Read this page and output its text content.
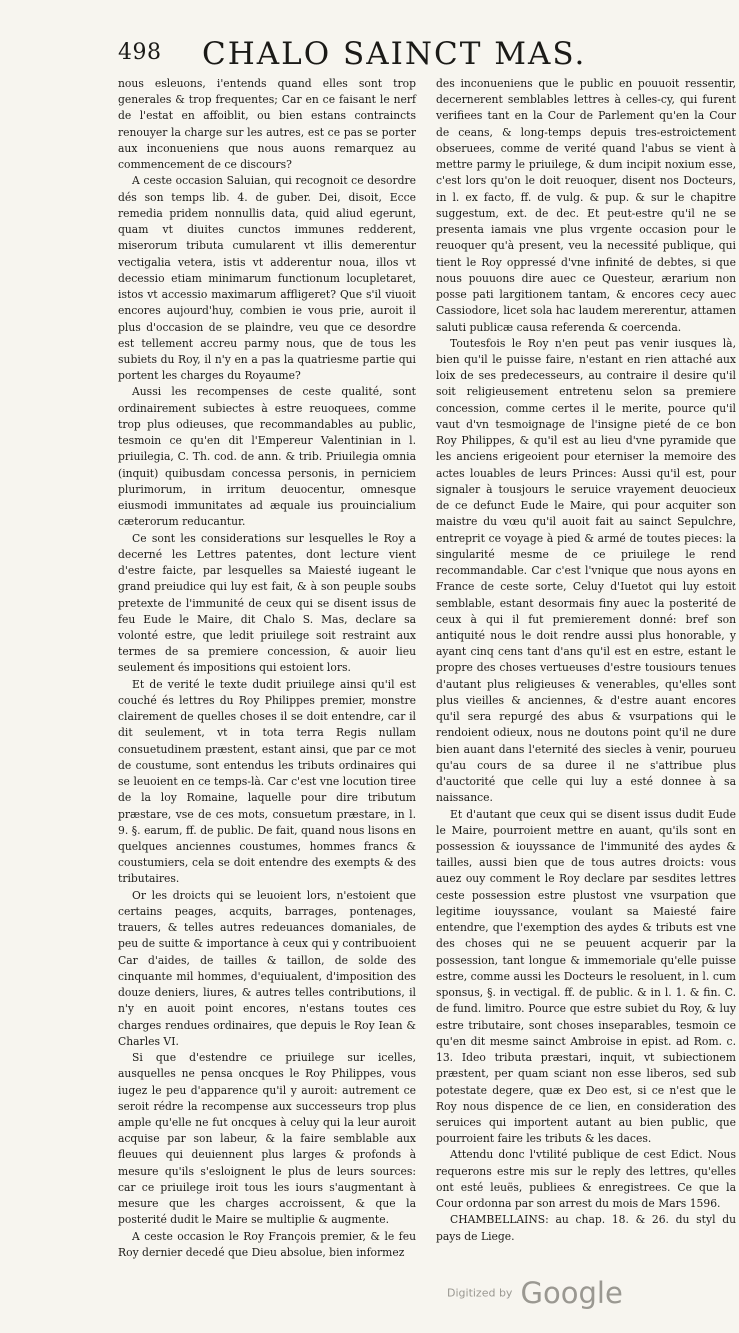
498 CHALO SAINCT MAS.

nous esleuons, i'entends quand elles sont trop generales & trop frequentes; Car en ce faisant le nerf de l'estat en affoiblit, ou bien estans contraincts renouyer la charge sur les autres, est ce pas se porter aux inconueniens que nous auons remarquez au commencement de ce discours?

A ceste occasion Saluian, qui recognoit ce desordre dés son temps lib. 4. de guber. Dei, disoit, Ecce remedia pridem nonnullis data, quid aliud egerunt, quam vt diuites cunctos immunes redderent, miserorum tributa cumularent vt illis demerentur vectigalia vetera, istis vt adderentur noua, illos vt decessio etiam minimarum functionum locupletaret, istos vt accessio maximarum affligeret? Que s'il viuoit encores aujourd'huy, combien ie vous prie, auroit il plus d'occasion de se plaindre, veu que ce desordre est tellement accreu parmy nous, que de tous les subiets du Roy, il n'y en a pas la quatriesme partie qui portent les charges du Royaume?

Aussi les recompenses de ceste qualité, sont ordinairement subiectes à estre reuoquees, comme trop plus odieuses, que recommandables au public, tesmoin ce qu'en dit l'Empereur Valentinian in l. priuilegia, C. Th. cod. de ann. & trib. Priuilegia omnia (inquit) quibusdam concessa personis, in perniciem plurimorum, in irritum deuocentur, omnesque eiusmodi immunitates ad æquale ius prouincialium cæterorum reducantur.

Ce sont les considerations sur lesquelles le Roy a decerné les Lettres patentes, dont lecture vient d'estre faicte, par lesquelles sa Maiesté iugeant le grand preiudice qui luy est fait, & à son peuple soubs pretexte de l'immunité de ceux qui se disent issus de feu Eude le Maire, dit Chalo S. Mas, declare sa volonté estre, que ledit priuilege soit restraint aux termes de sa premiere concession, & auoir lieu seulement és impositions qui estoient lors.

Et de verité le texte dudit priuilege ainsi qu'il est couché és lettres du Roy Philippes premier, monstre clairement de quelles choses il se doit entendre, car il dit seulement, vt in tota terra Regis nullam consuetudinem præstent, estant ainsi, que par ce mot de coustume, sont entendus les tributs ordinaires qui se leuoient en ce temps-là. Car c'est vne locution tiree de la loy Romaine, laquelle pour dire tributum præstare, vse de ces mots, consuetum præstare, in l. 9. §. earum, ff. de public. De fait, quand nous lisons en quelques anciennes coustumes, hommes francs & coustumiers, cela se doit entendre des exempts & des tributaires.

Or les droicts qui se leuoient lors, n'estoient que certains peages, acquits, barrages, pontenages, trauers, & telles autres redeuances domaniales, de peu de suitte & importance à ceux qui y contribuoient Car d'aides, de tailles & taillon, de solde des cinquante mil hommes, d'equiualent, d'imposition des douze deniers, liures, & autres telles contributions, il n'y en auoit point encores, n'estans toutes ces charges rendues ordinaires, que depuis le Roy Iean & Charles VI.

Si que d'estendre ce priuilege sur icelles, ausquelles ne pensa oncques le Roy Philippes, vous iugez le peu d'apparence qu'il y auroit: autrement ce seroit rédre la recompense aux successeurs trop plus ample qu'elle ne fut oncques à celuy qui la leur auroit acquise par son labeur, & la faire semblable aux fleuues qui deuiennent plus larges & profonds à mesure qu'ils s'esloignent le plus de leurs sources: car ce priuilege iroit tous les iours s'augmentant à mesure que les charges accroissent, & que la posterité dudit le Maire se multiplie & augmente.

A ceste occasion le Roy François premier, & le feu Roy dernier decedé que Dieu absolue, bien informez

des inconueniens que le public en pouuoit ressentir, decernerent semblables lettres à celles-cy, qui furent verifiees tant en la Cour de Parlement qu'en la Cour de ceans, & long-temps depuis tres-estroictement obseruees, comme de verité quand l'abus se vient à mettre parmy le priuilege, & dum incipit noxium esse, c'est lors qu'on le doit reuoquer, disent nos Docteurs, in l. ex facto, ff. de vulg. & pup. & sur le chapitre suggestum, ext. de dec. Et peut-estre qu'il ne se presenta iamais vne plus vrgente occasion pour le reuoquer qu'à present, veu la necessité publique, qui tient le Roy oppressé d'vne infinité de debtes, si que nous pouuons dire auec ce Questeur, ærarium non posse pati largitionem tantam, & encores cecy auec Cassiodore, licet sola hac laudem mererentur, attamen saluti publicæ causa referenda & coercenda.

Toutesfois le Roy n'en peut pas venir iusques là, bien qu'il le puisse faire, n'estant en rien attaché aux loix de ses predecesseurs, au contraire il desire qu'il soit religieusement entretenu selon sa premiere concession, comme certes il le merite, pource qu'il vaut d'vn tesmoignage de l'insigne pieté de ce bon Roy Philippes, & qu'il est au lieu d'vne pyramide que les anciens erigeoient pour eterniser la memoire des actes louables de leurs Princes: Aussi qu'il est, pour signaler à tousjours le seruice vrayement deuocieux de ce defunct Eude le Maire, qui pour acquiter son maistre du vœu qu'il auoit fait au sainct Sepulchre, entreprit ce voyage à pied & armé de toutes pieces: la singularité mesme de ce priuilege le rend recommandable. Car c'est l'vnique que nous ayons en France de ceste sorte, Celuy d'Iuetot qui luy estoit semblable, estant desormais finy auec la posterité de ceux à qui il fut premierement donné: bref son antiquité nous le doit rendre aussi plus honorable, y ayant cinq cens tant d'ans qu'il est en estre, estant le propre des choses vertueuses d'estre tousiours tenues d'autant plus religieuses & venerables, qu'elles sont plus vieilles & anciennes, & d'estre auant encores qu'il sera repurgé des abus & vsurpations qui le rendoient odieux, nous ne doutons point qu'il ne dure bien auant dans l'eternité des siecles à venir, pourueu qu'au cours de sa duree il ne s'attribue plus d'auctorité que celle qui luy a esté donnee à sa naissance.

Et d'autant que ceux qui se disent issus dudit Eude le Maire, pourroient mettre en auant, qu'ils sont en possession & iouyssance de l'immunité des aydes & tailles, aussi bien que de tous autres droicts: vous auez ouy comment le Roy declare par sesdites lettres ceste possession estre plustost vne vsurpation que legitime iouyssance, voulant sa Maiesté faire entendre, que l'exemption des aydes & tributs est vne des choses qui ne se peuuent acquerir par la possession, tant longue & immemoriale qu'elle puisse estre, comme aussi les Docteurs le resoluent, in l. cum sponsus, §. in vectigal. ff. de public. & in l. 1. & fin. C. de fund. limitro. Pource que estre subiet du Roy, & luy estre tributaire, sont choses inseparables, tesmoin ce qu'en dit mesme sainct Ambroise in epist. ad Rom. c. 13. Ideo tributa præstari, inquit, vt subiectionem præstent, per quam sciant non esse liberos, sed sub potestate degere, quæ ex Deo est, si ce n'est que le Roy nous dispence de ce lien, en consideration des seruices qui importent autant au bien public, que pourroient faire les tributs & les daces.

Attendu donc l'vtilité publique de cest Edict. Nous requerons estre mis sur le reply des lettres, qu'elles ont esté leuës, publiees & enregistrees. Ce que la Cour ordonna par son arrest du mois de Mars 1596.

CHAMBELLAINS: au chap. 18. & 26. du styl du pays de Liege.

Digitized by Google
